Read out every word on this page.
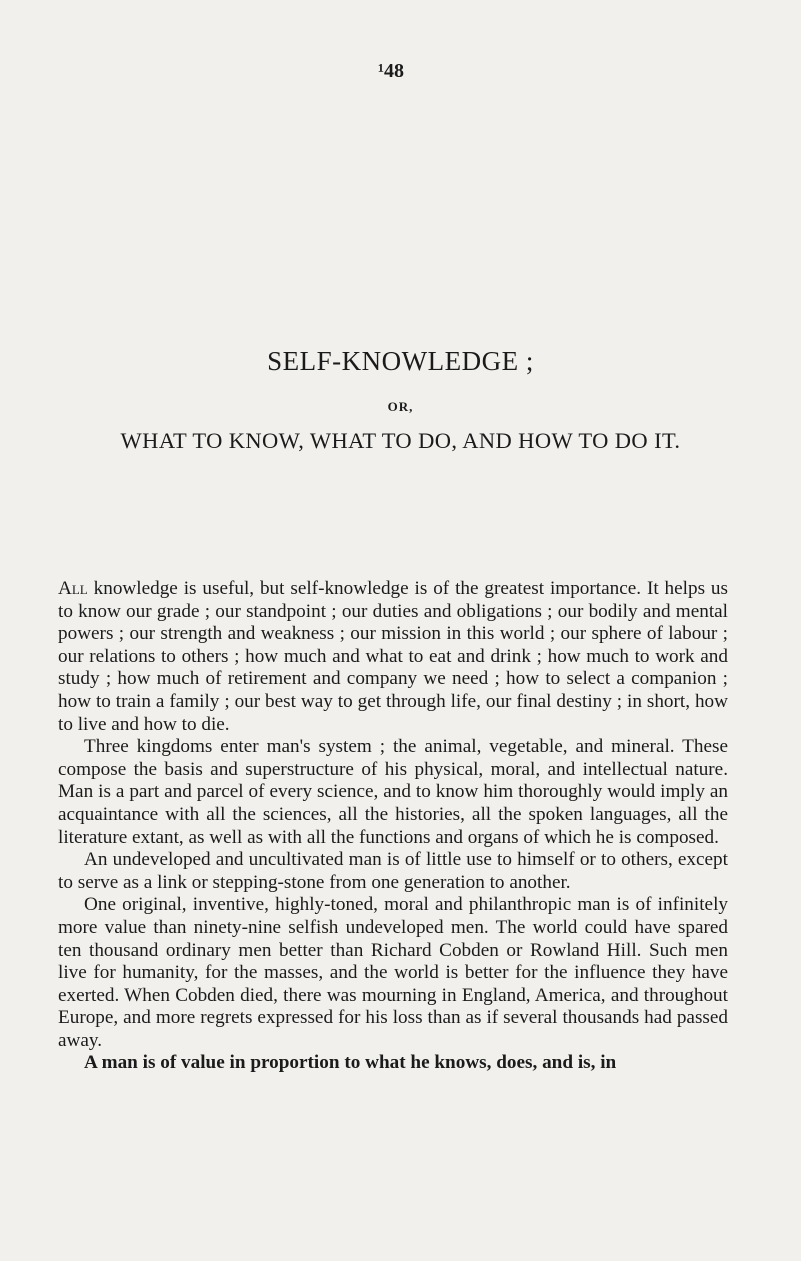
¹48
SELF-KNOWLEDGE ;
OR,
WHAT TO KNOW, WHAT TO DO, AND HOW TO DO IT.

All knowledge is useful, but self-knowledge is of the greatest importance. It helps us to know our grade ; our standpoint ; our duties and obligations ; our bodily and mental powers ; our strength and weakness ; our mission in this world ; our sphere of labour ; our relations to others ; how much and what to eat and drink ; how much to work and study ; how much of retirement and company we need ; how to select a companion ; how to train a family ; our best way to get through life, our final destiny ; in short, how to live and how to die.

Three kingdoms enter man's system ; the animal, vegetable, and mineral. These compose the basis and superstructure of his physical, moral, and intellectual nature. Man is a part and parcel of every science, and to know him thoroughly would imply an acquaintance with all the sciences, all the histories, all the spoken languages, all the literature extant, as well as with all the functions and organs of which he is composed.

An undeveloped and uncultivated man is of little use to himself or to others, except to serve as a link or stepping-stone from one generation to another.

One original, inventive, highly-toned, moral and philanthropic man is of infinitely more value than ninety-nine selfish undeveloped men. The world could have spared ten thousand ordinary men better than Richard Cobden or Rowland Hill. Such men live for humanity, for the masses, and the world is better for the influence they have exerted. When Cobden died, there was mourning in England, America, and throughout Europe, and more regrets expressed for his loss than as if several thousands had passed away.

A man is of value in proportion to what he knows, does, and is, in
